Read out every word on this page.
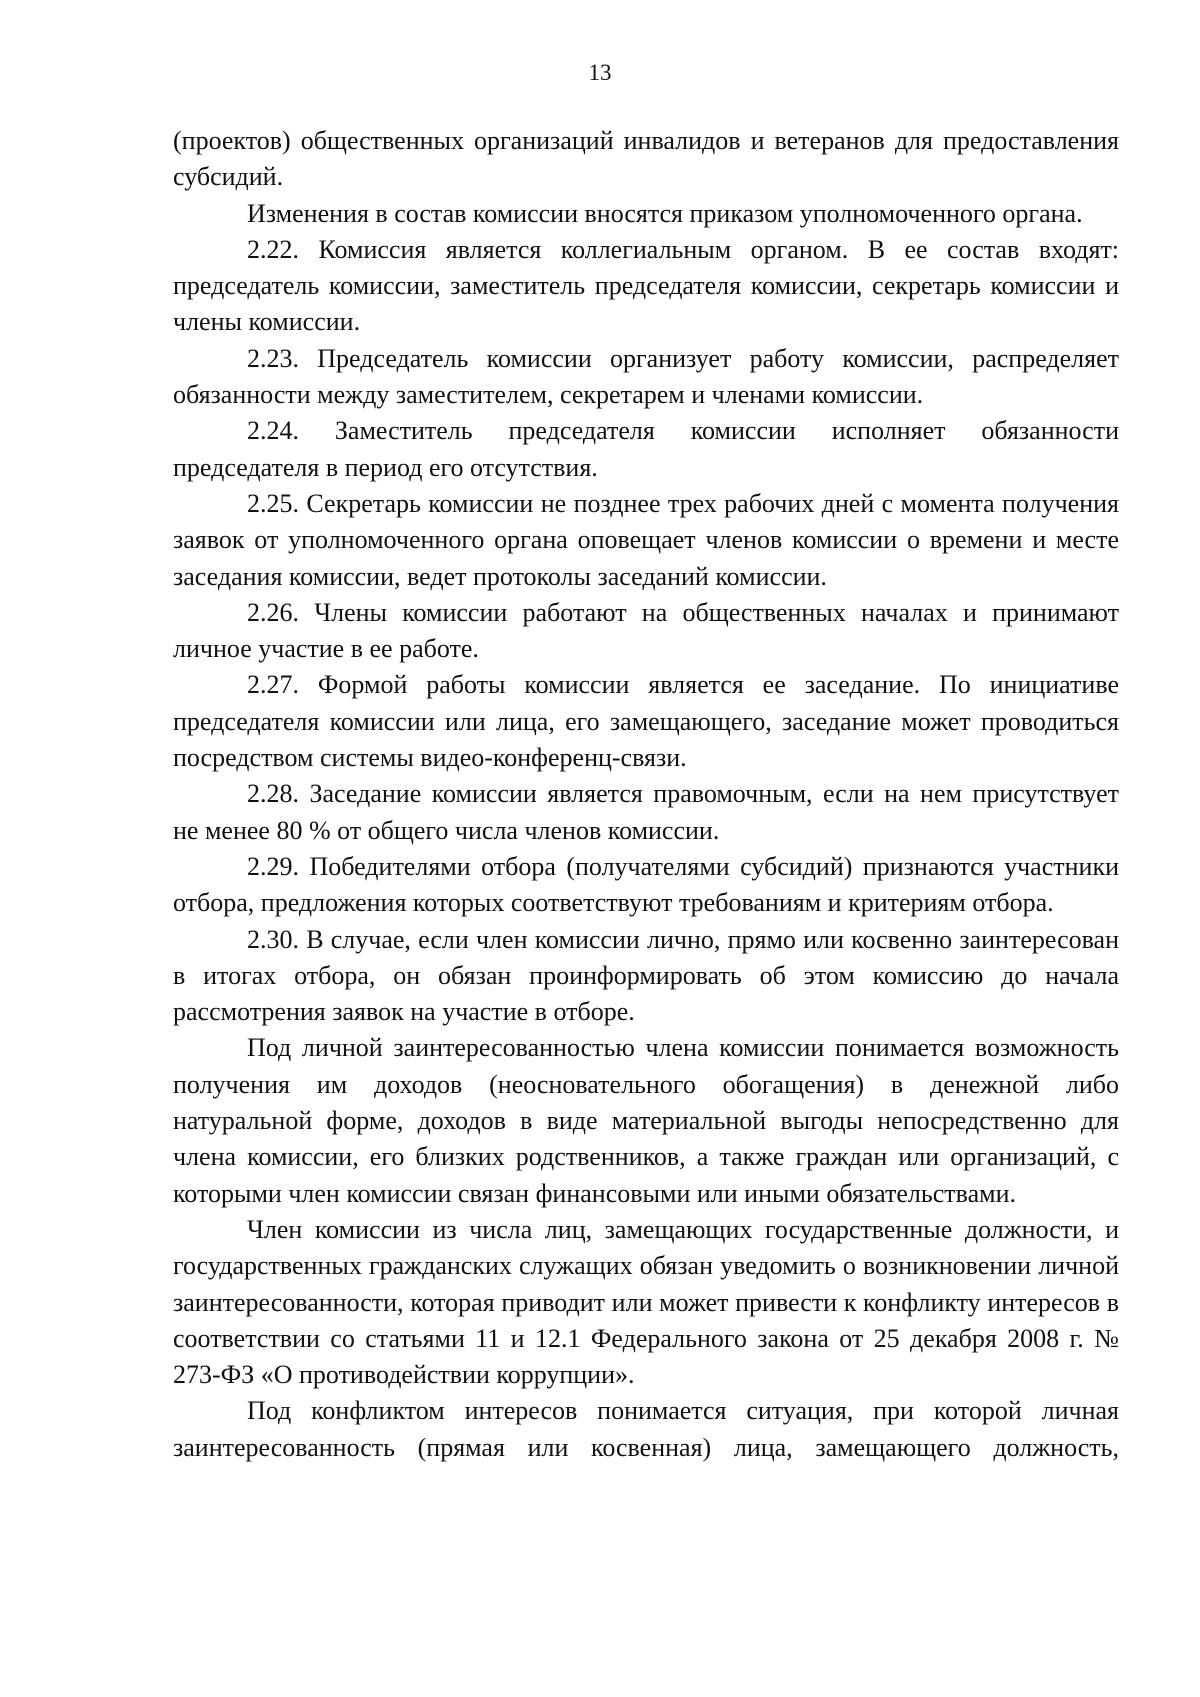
13

(проектов) общественных организаций инвалидов и ветеранов для предоставления субсидий.

Изменения в состав комиссии вносятся приказом уполномоченного органа.

2.22. Комиссия является коллегиальным органом. В ее состав входят: председатель комиссии, заместитель председателя комиссии, секретарь комиссии и члены комиссии.

2.23. Председатель комиссии организует работу комиссии, распределяет обязанности между заместителем, секретарем и членами комиссии.

2.24. Заместитель председателя комиссии исполняет обязанности председателя в период его отсутствия.

2.25. Секретарь комиссии не позднее трех рабочих дней с момента получения заявок от уполномоченного органа оповещает членов комиссии о времени и месте заседания комиссии, ведет протоколы заседаний комиссии.

2.26. Члены комиссии работают на общественных началах и принимают личное участие в ее работе.

2.27. Формой работы комиссии является ее заседание. По инициативе председателя комиссии или лица, его замещающего, заседание может проводиться посредством системы видео-конференц-связи.

2.28. Заседание комиссии является правомочным, если на нем присутствует не менее 80 % от общего числа членов комиссии.

2.29. Победителями отбора (получателями субсидий) признаются участники отбора, предложения которых соответствуют требованиям и критериям отбора.

2.30. В случае, если член комиссии лично, прямо или косвенно заинтересован в итогах отбора, он обязан проинформировать об этом комиссию до начала рассмотрения заявок на участие в отборе.

Под личной заинтересованностью члена комиссии понимается возможность получения им доходов (неосновательного обогащения) в денежной либо натуральной форме, доходов в виде материальной выгоды непосредственно для члена комиссии, его близких родственников, а также граждан или организаций, с которыми член комиссии связан финансовыми или иными обязательствами.

Член комиссии из числа лиц, замещающих государственные должности, и государственных гражданских служащих обязан уведомить о возникновении личной заинтересованности, которая приводит или может привести к конфликту интересов в соответствии со статьями 11 и 12.1 Федерального закона от 25 декабря 2008 г. № 273-ФЗ «О противодействии коррупции».

Под конфликтом интересов понимается ситуация, при которой личная заинтересованность (прямая или косвенная) лица, замещающего должность,
